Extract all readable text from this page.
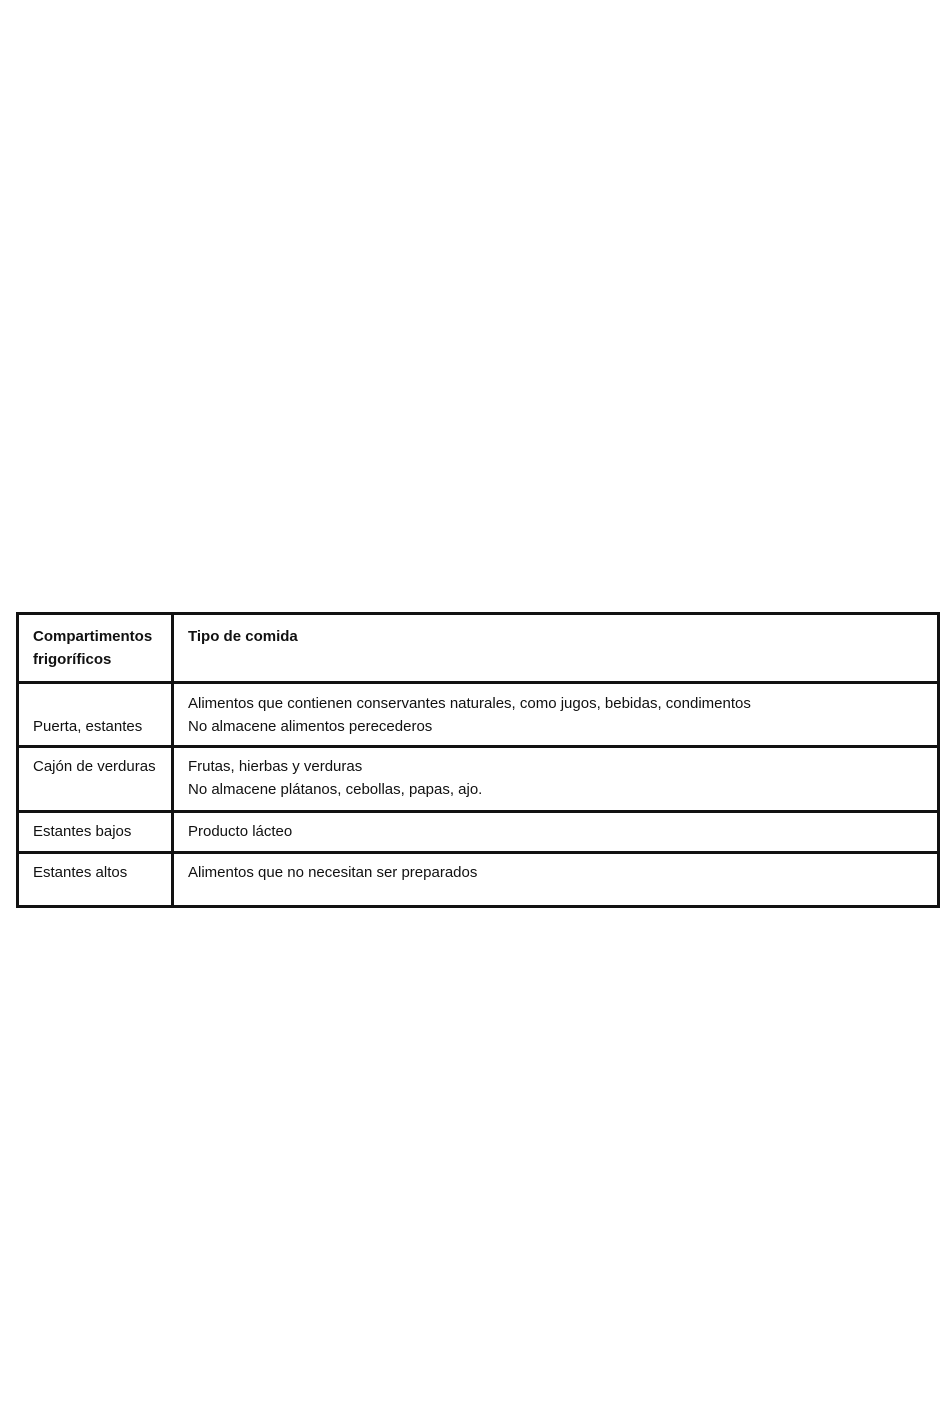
Compartimentos frigoríficos	Tipo de comida
Puerta, estantes	Alimentos que contienen conservantes naturales, como jugos, bebidas, condimentos
No almacene alimentos perecederos

Cajón de verduras	Frutas, hierbas y verduras
No almacene plátanos, cebollas, papas, ajo.

Estantes bajos	Producto lácteo

Estantes altos	Alimentos que no necesitan ser preparados
